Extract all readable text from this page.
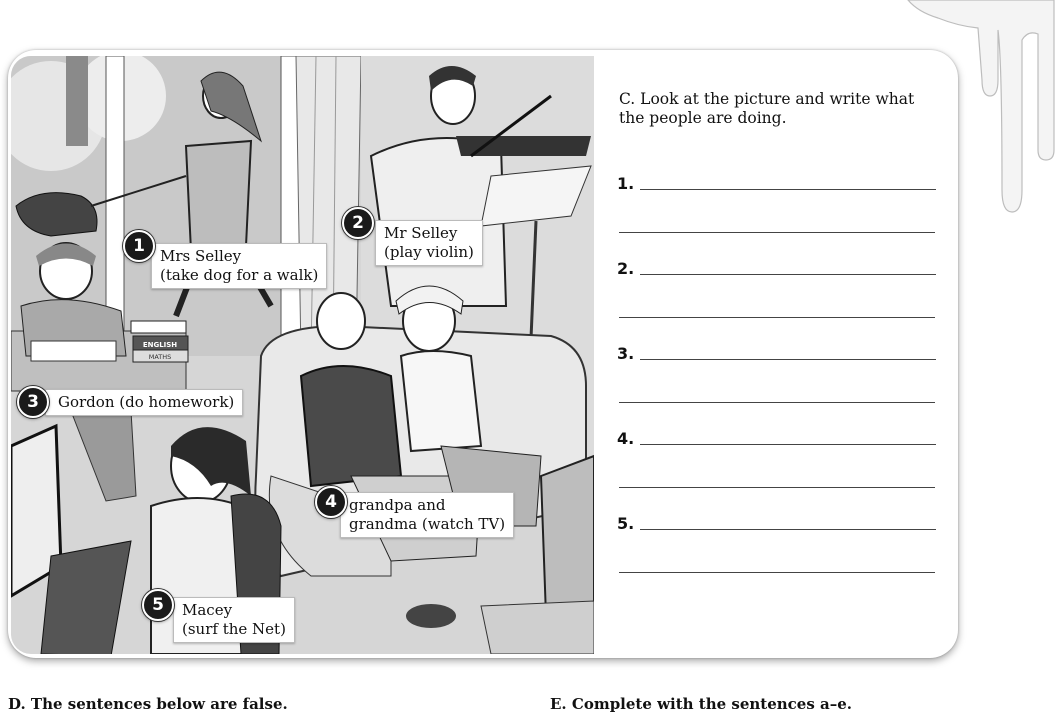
ENGLISH
MATHS
Mrs Selley
(take dog for a walk)
1
Mr Selley
(play violin)
2
Gordon (do homework)
3
grandpa and
grandma (watch TV)
4
Macey
(surf the Net)
5
C. Look at the picture and write what the people are doing.
1.
2.
3.
4.
5.
D. The sentences below are false.	E. Complete with the sentences a–e.
